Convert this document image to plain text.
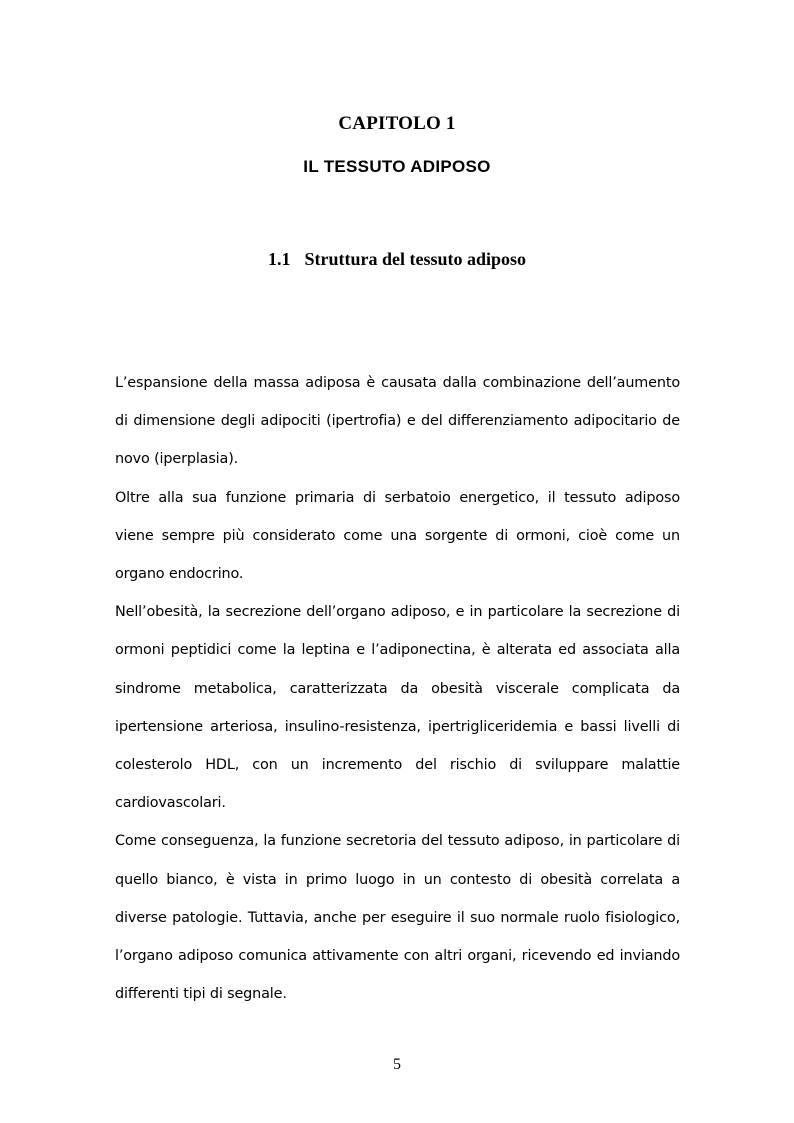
CAPITOLO 1
IL TESSUTO ADIPOSO
1.1 Struttura del tessuto adiposo

L’espansione della massa adiposa è causata dalla combinazione dell’aumento di dimensione degli adipociti (ipertrofia) e del differenziamento adipocitario de novo (iperplasia).

Oltre alla sua funzione primaria di serbatoio energetico, il tessuto adiposo viene sempre più considerato come una sorgente di ormoni, cioè come un organo endocrino.

Nell’obesità, la secrezione dell’organo adiposo, e in particolare la secrezione di ormoni peptidici come la leptina e l’adiponectina, è alterata ed associata alla sindrome metabolica, caratterizzata da obesità viscerale complicata da ipertensione arteriosa, insulino-resistenza, ipertrigliceridemia e bassi livelli di colesterolo HDL, con un incremento del rischio di sviluppare malattie cardiovascolari.

Come conseguenza, la funzione secretoria del tessuto adiposo, in particolare di quello bianco, è vista in primo luogo in un contesto di obesità correlata a diverse patologie. Tuttavia, anche per eseguire il suo normale ruolo fisiologico, l’organo adiposo comunica attivamente con altri organi, ricevendo ed inviando differenti tipi di segnale.

5
